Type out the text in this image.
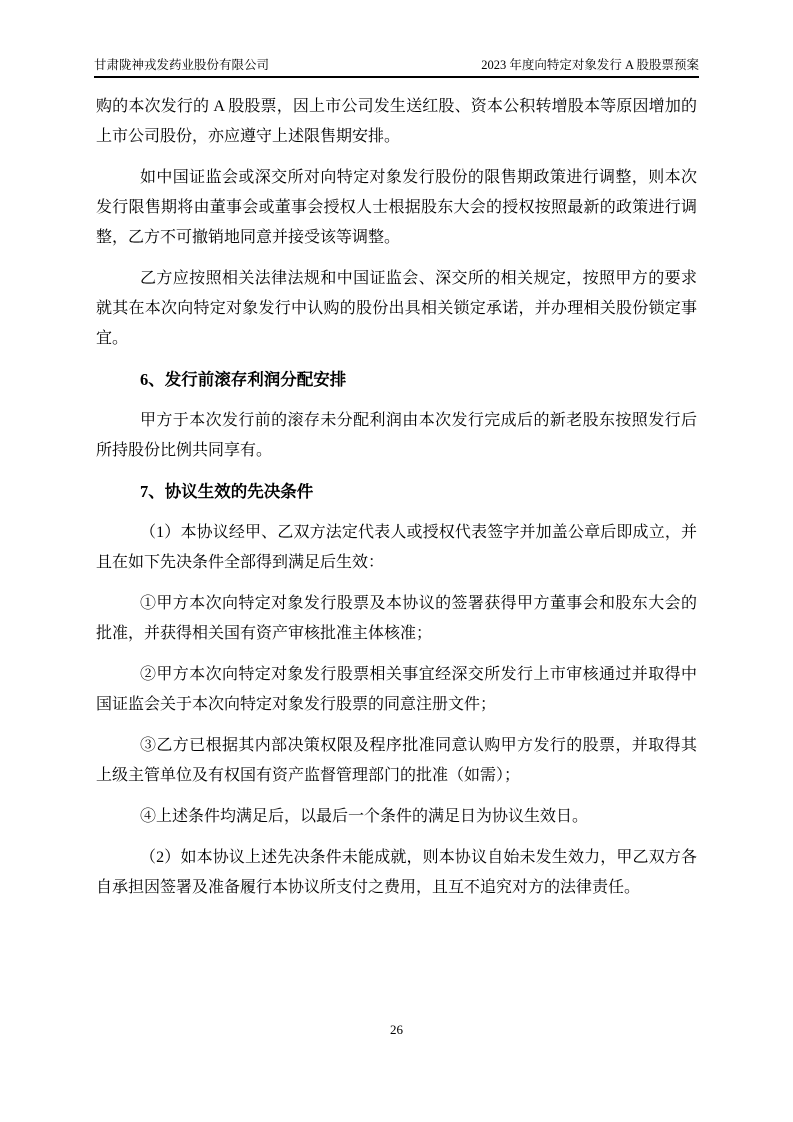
甘肃陇神戎发药业股份有限公司	2023 年度向特定对象发行 A 股股票预案

购的本次发行的 A 股股票，因上市公司发生送红股、资本公积转增股本等原因增加的上市公司股份，亦应遵守上述限售期安排。

如中国证监会或深交所对向特定对象发行股份的限售期政策进行调整，则本次发行限售期将由董事会或董事会授权人士根据股东大会的授权按照最新的政策进行调整，乙方不可撤销地同意并接受该等调整。

乙方应按照相关法律法规和中国证监会、深交所的相关规定，按照甲方的要求就其在本次向特定对象发行中认购的股份出具相关锁定承诺，并办理相关股份锁定事宜。

6、发行前滚存利润分配安排

甲方于本次发行前的滚存未分配利润由本次发行完成后的新老股东按照发行后所持股份比例共同享有。

7、协议生效的先决条件

（1）本协议经甲、乙双方法定代表人或授权代表签字并加盖公章后即成立，并且在如下先决条件全部得到满足后生效：

①甲方本次向特定对象发行股票及本协议的签署获得甲方董事会和股东大会的批准，并获得相关国有资产审核批准主体核准；

②甲方本次向特定对象发行股票相关事宜经深交所发行上市审核通过并取得中国证监会关于本次向特定对象发行股票的同意注册文件；

③乙方已根据其内部决策权限及程序批准同意认购甲方发行的股票，并取得其上级主管单位及有权国有资产监督管理部门的批准（如需）；

④上述条件均满足后，以最后一个条件的满足日为协议生效日。

（2）如本协议上述先决条件未能成就，则本协议自始未发生效力，甲乙双方各自承担因签署及准备履行本协议所支付之费用，且互不追究对方的法律责任。

26
